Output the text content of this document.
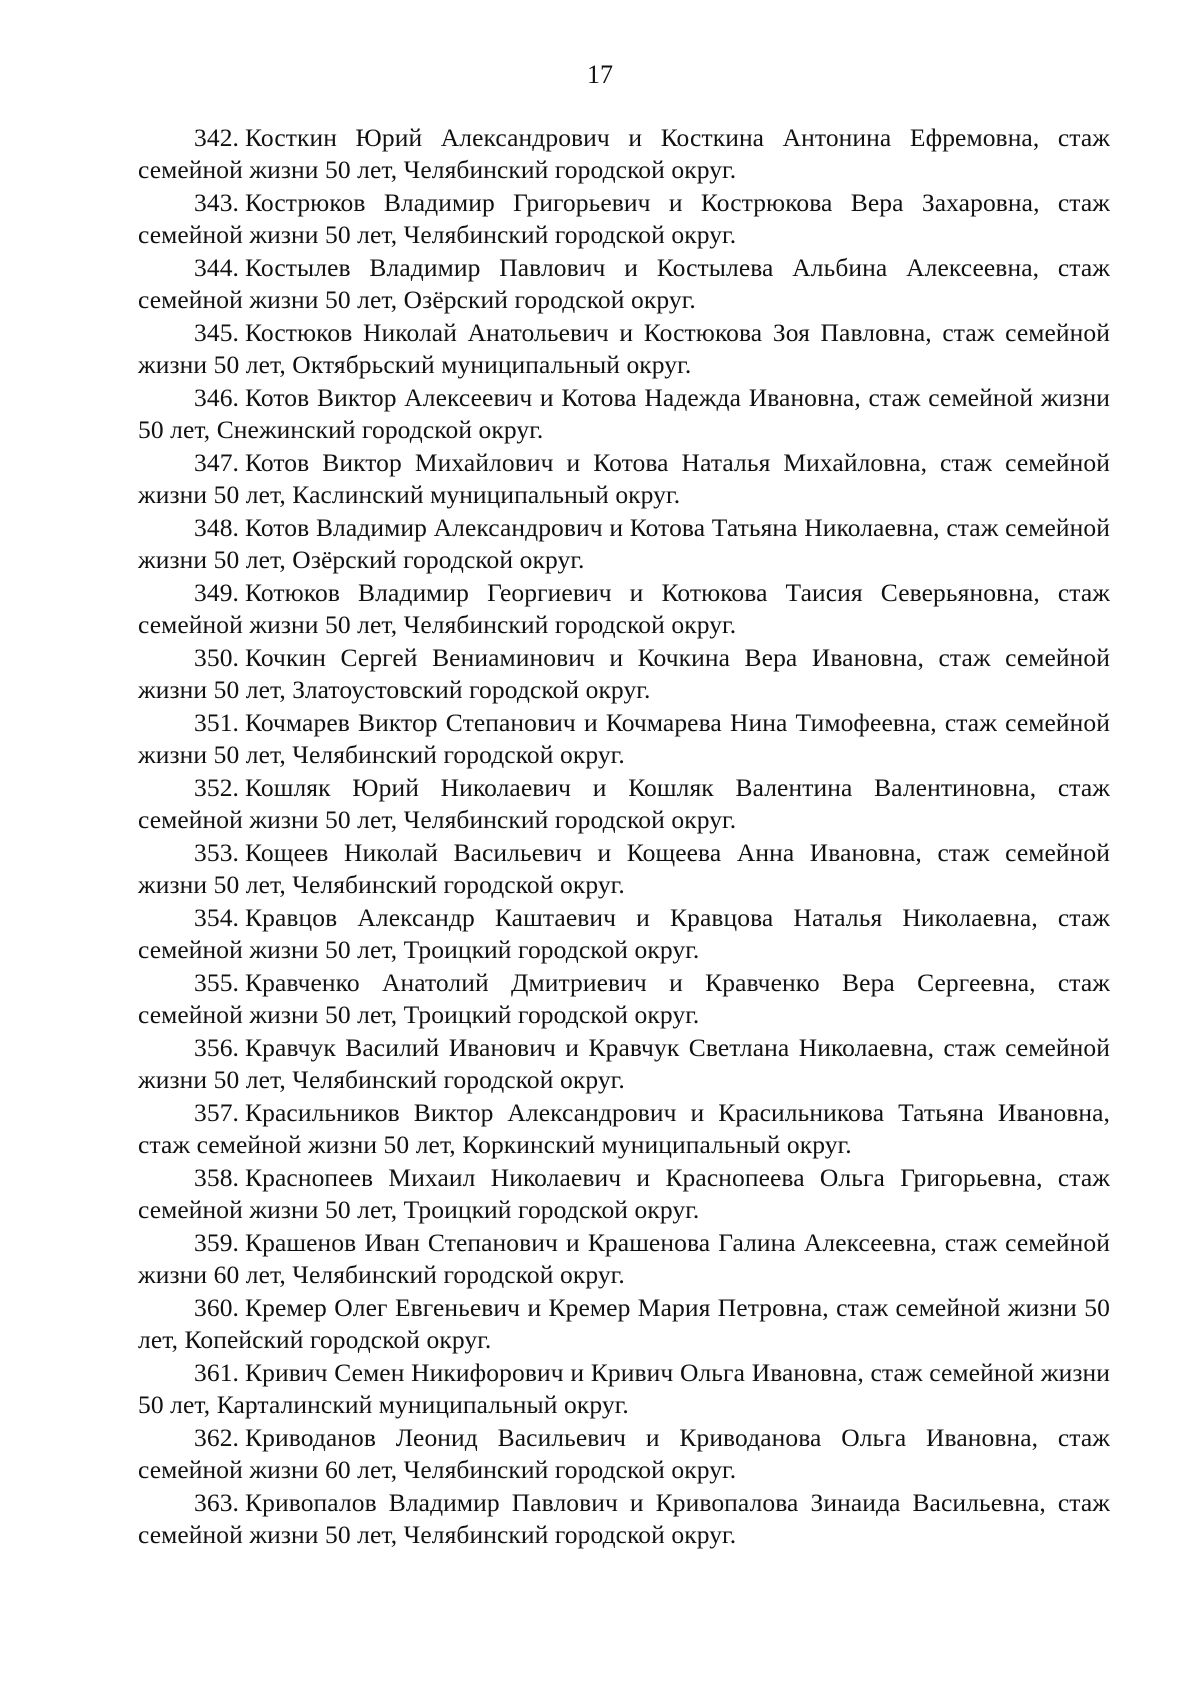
17

342. Косткин Юрий Александрович и Косткина Антонина Ефремовна, стаж семейной жизни 50 лет, Челябинский городской округ.

343. Кострюков Владимир Григорьевич и Кострюкова Вера Захаровна, стаж семейной жизни 50 лет, Челябинский городской округ.

344. Костылев Владимир Павлович и Костылева Альбина Алексеевна, стаж семейной жизни 50 лет, Озёрский городской округ.

345. Костюков Николай Анатольевич и Костюкова Зоя Павловна, стаж семейной жизни 50 лет, Октябрьский муниципальный округ.

346. Котов Виктор Алексеевич и Котова Надежда Ивановна, стаж семейной жизни 50 лет, Снежинский городской округ.

347. Котов Виктор Михайлович и Котова Наталья Михайловна, стаж семейной жизни 50 лет, Каслинский муниципальный округ.

348. Котов Владимир Александрович и Котова Татьяна Николаевна, стаж семейной жизни 50 лет, Озёрский городской округ.

349. Котюков Владимир Георгиевич и Котюкова Таисия Северьяновна, стаж семейной жизни 50 лет, Челябинский городской округ.

350. Кочкин Сергей Вениаминович и Кочкина Вера Ивановна, стаж семейной жизни 50 лет, Златоустовский городской округ.

351. Кочмарев Виктор Степанович и Кочмарева Нина Тимофеевна, стаж семейной жизни 50 лет, Челябинский городской округ.

352. Кошляк Юрий Николаевич и Кошляк Валентина Валентиновна, стаж семейной жизни 50 лет, Челябинский городской округ.

353. Кощеев Николай Васильевич и Кощеева Анна Ивановна, стаж семейной жизни 50 лет, Челябинский городской округ.

354. Кравцов Александр Каштаевич и Кравцова Наталья Николаевна, стаж семейной жизни 50 лет, Троицкий городской округ.

355. Кравченко Анатолий Дмитриевич и Кравченко Вера Сергеевна, стаж семейной жизни 50 лет, Троицкий городской округ.

356. Кравчук Василий Иванович и Кравчук Светлана Николаевна, стаж семейной жизни 50 лет, Челябинский городской округ.

357. Красильников Виктор Александрович и Красильникова Татьяна Ивановна, стаж семейной жизни 50 лет, Коркинский муниципальный округ.

358. Краснопеев Михаил Николаевич и Краснопеева Ольга Григорьевна, стаж семейной жизни 50 лет, Троицкий городской округ.

359. Крашенов Иван Степанович и Крашенова Галина Алексеевна, стаж семейной жизни 60 лет, Челябинский городской округ.

360. Кремер Олег Евгеньевич и Кремер Мария Петровна, стаж семейной жизни 50 лет, Копейский городской округ.

361. Кривич Семен Никифорович и Кривич Ольга Ивановна, стаж семейной жизни 50 лет, Карталинский муниципальный округ.

362. Криводанов Леонид Васильевич и Криводанова Ольга Ивановна, стаж семейной жизни 60 лет, Челябинский городской округ.

363. Кривопалов Владимир Павлович и Кривопалова Зинаида Васильевна, стаж семейной жизни 50 лет, Челябинский городской округ.
